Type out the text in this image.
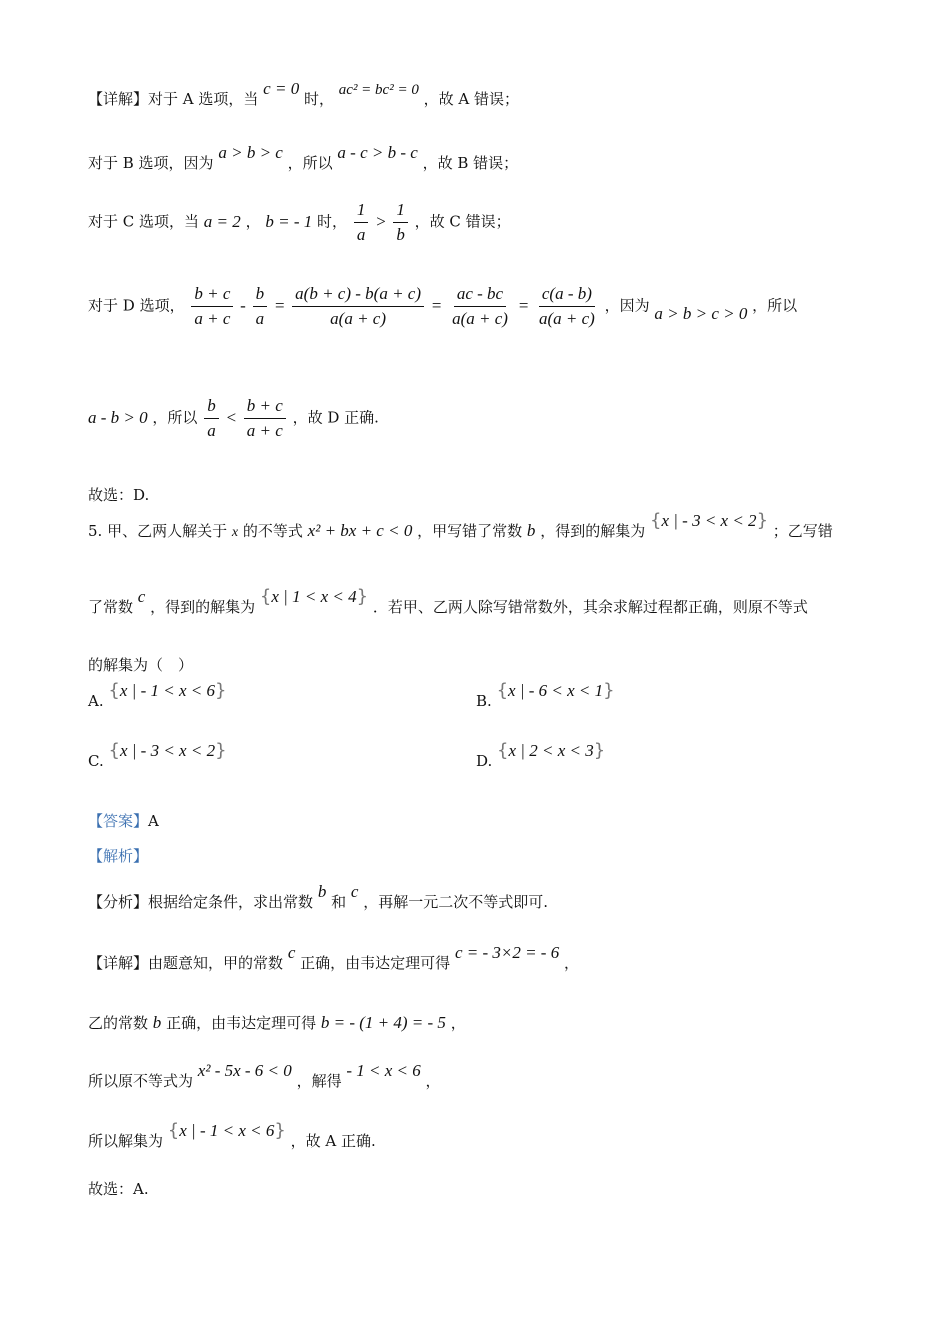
【详解】对于 A 选项，当 c = 0 时， ac² = bc² = 0 ，故 A 错误；
对于 B 选项，因为 a > b > c ，所以 a - c > b - c ，故 B 错误；
对于 C 选项，当 a = 2 ， b = - 1 时， $\frac{1}{a} > \frac{1}{b}$ ，故 C 错误；
对于 D 选项， $\frac{b + c}{a + c} - \frac{b}{a} = \frac{a(b + c) - b(a + c)}{a(a + c)} = \frac{ac - bc}{a(a + c)} = \frac{c(a - b)}{a(a + c)}$ ，因为 a > b > c > 0 ，所以
a - b > 0 ，所以 $\frac{b}{a} < \frac{b + c}{a + c}$ ，故 D 正确.
故选：D.
5. 甲、乙两人解关于 x 的不等式 x² + bx + c < 0 ，甲写错了常数 b ，得到的解集为 {x | - 3 < x < 2} ；乙写错
了常数 c ，得到的解集为 {x | 1 < x < 4} ．若甲、乙两人除写错常数外，其余求解过程都正确，则原不等式
的解集为（　）
A. {x | - 1 < x < 6}	B. {x | - 6 < x < 1}
C. {x | - 3 < x < 2}	D. {x | 2 < x < 3}
【答案】A
【解析】
【分析】根据给定条件，求出常数 b 和 c ，再解一元二次不等式即可.
【详解】由题意知，甲的常数 c 正确，由韦达定理可得 c = - 3×2 = - 6 ，
乙的常数 b 正确，由韦达定理可得 b = - (1 + 4) = - 5 ，
所以原不等式为 x² - 5x - 6 < 0 ，解得 - 1 < x < 6 ，
所以解集为 {x | - 1 < x < 6} ，故 A 正确.
故选：A.
